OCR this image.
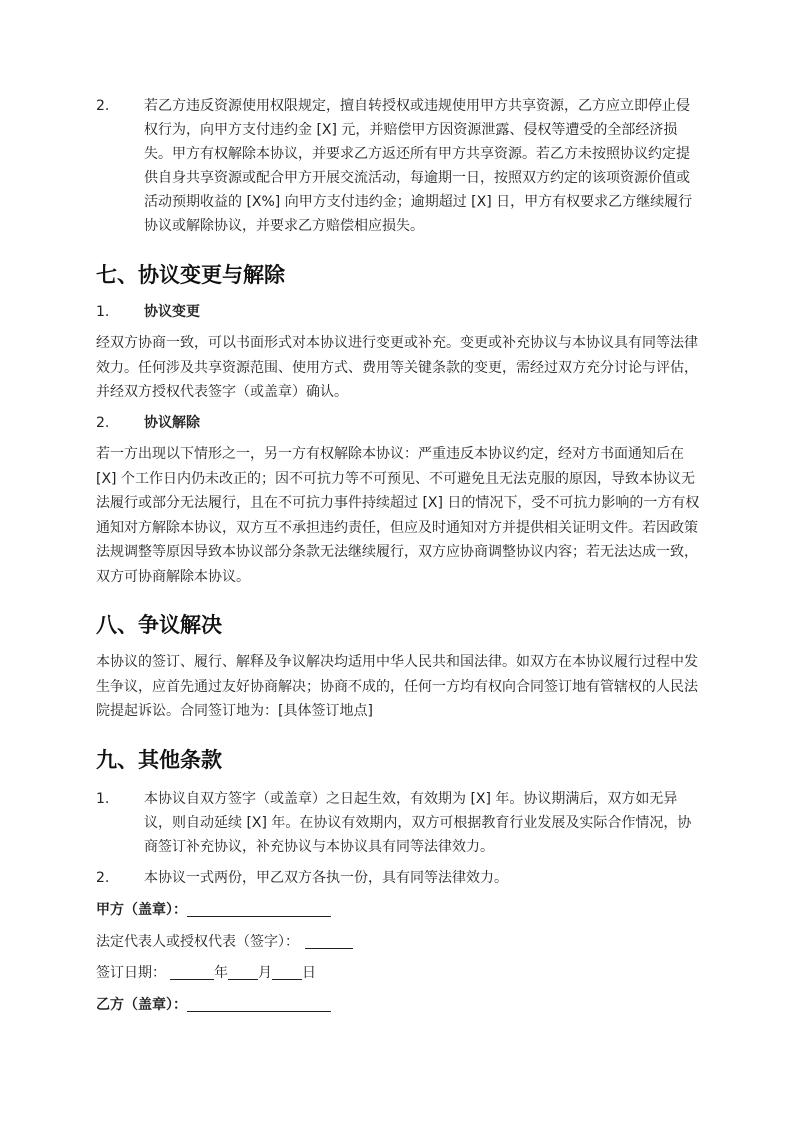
2.	若乙方违反资源使用权限规定，擅自转授权或违规使用甲方共享资源，乙方应立即停止侵权行为，向甲方支付违约金 [X] 元，并赔偿甲方因资源泄露、侵权等遭受的全部经济损失。甲方有权解除本协议，并要求乙方返还所有甲方共享资源。若乙方未按照协议约定提供自身共享资源或配合甲方开展交流活动，每逾期一日，按照双方约定的该项资源价值或活动预期收益的 [X%] 向甲方支付违约金；逾期超过 [X] 日，甲方有权要求乙方继续履行协议或解除协议，并要求乙方赔偿相应损失。
七、协议变更与解除
1. 协议变更
经双方协商一致，可以书面形式对本协议进行变更或补充。变更或补充协议与本协议具有同等法律效力。任何涉及共享资源范围、使用方式、费用等关键条款的变更，需经过双方充分讨论与评估，并经双方授权代表签字（或盖章）确认。
2. 协议解除
若一方出现以下情形之一，另一方有权解除本协议：严重违反本协议约定，经对方书面通知后在 [X] 个工作日内仍未改正的；因不可抗力等不可预见、不可避免且无法克服的原因，导致本协议无法履行或部分无法履行，且在不可抗力事件持续超过 [X] 日的情况下，受不可抗力影响的一方有权通知对方解除本协议，双方互不承担违约责任，但应及时通知对方并提供相关证明文件。若因政策法规调整等原因导致本协议部分条款无法继续履行，双方应协商调整协议内容；若无法达成一致，双方可协商解除本协议。
八、争议解决
本协议的签订、履行、解释及争议解决均适用中华人民共和国法律。如双方在本协议履行过程中发生争议，应首先通过友好协商解决；协商不成的，任何一方均有权向合同签订地有管辖权的人民法院提起诉讼。合同签订地为：[具体签订地点]
九、其他条款
1.	本协议自双方签字（或盖章）之日起生效，有效期为 [X] 年。协议期满后，双方如无异议，则自动延续 [X] 年。在协议有效期内，双方可根据教育行业发展及实际合作情况，协商签订补充协议，补充协议与本协议具有同等法律效力。
2.	本协议一式两份，甲乙双方各执一份，具有同等法律效力。
甲方（盖章）：
法定代表人或授权代表（签字）：
签订日期：	年 月 日
乙方（盖章）：
